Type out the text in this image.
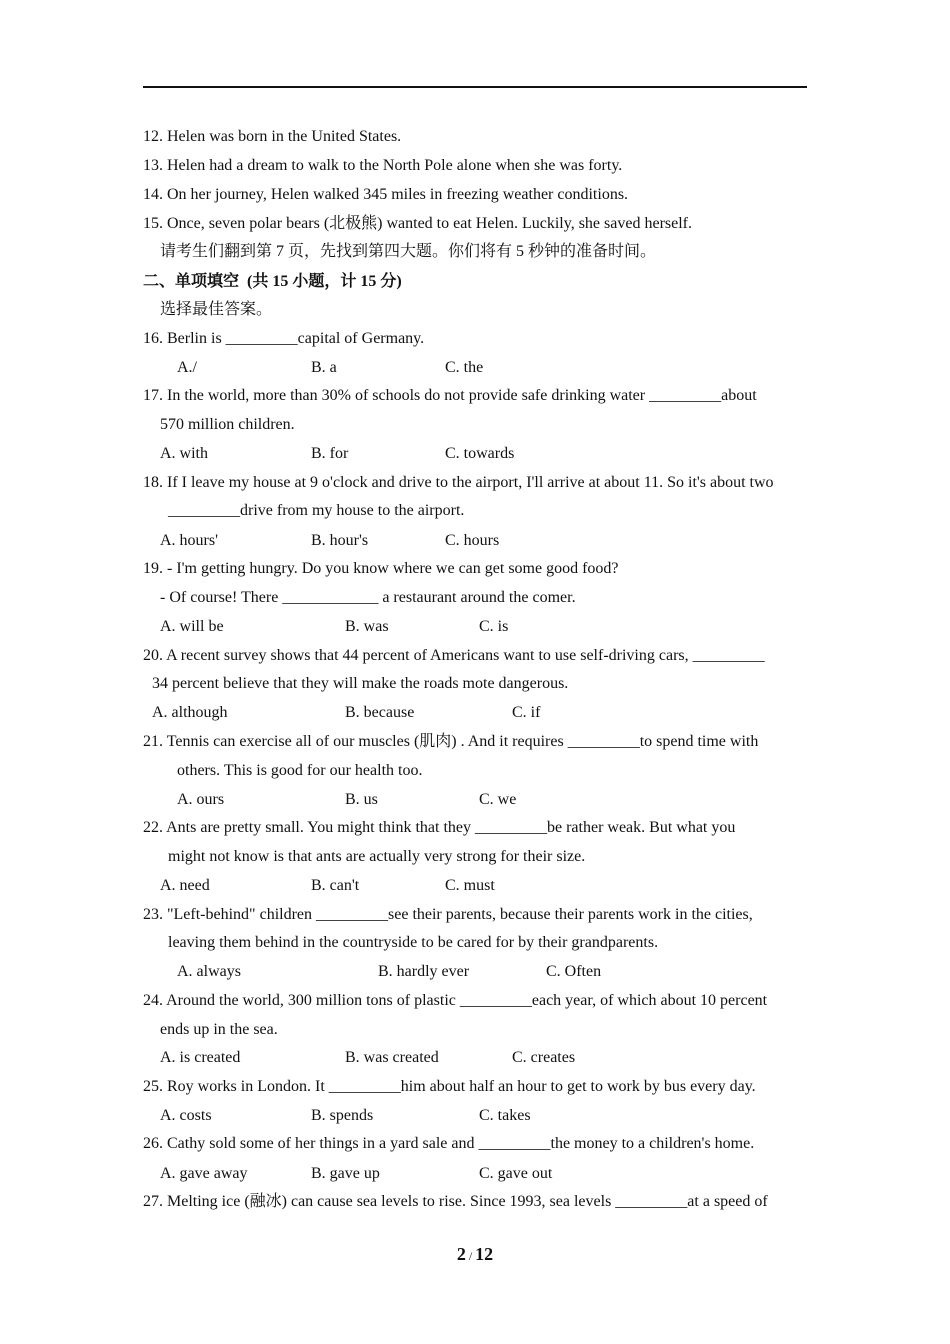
12. Helen was born in the United States.
13. Helen had a dream to walk to the North Pole alone when she was forty.
14. On her journey, Helen walked 345 miles in freezing weather conditions.
15. Once, seven polar bears (北极熊) wanted to eat Helen. Luckily, she saved herself.
请考生们翻到第 7 页，先找到第四大题。你们将有 5 秒钟的准备时间。
二、单项填空  (共 15 小题，计 15 分)
选择最佳答案。
16. Berlin is _________capital of Germany.
A./	B. a	C. the
17. In the world, more than 30% of schools do not provide safe drinking water _________about
570 million children.
A. with	B. for	C. towards
18. If I leave my house at 9 o'clock and drive to the airport, I'll arrive at about 11. So it's about two
_________drive from my house to the airport.
A. hours'	B. hour's	C. hours
19. - I'm getting hungry. Do you know where we can get some good food?
- Of course! There ____________ a restaurant around the comer.
A. will be	B. was	C. is
20. A recent survey shows that 44 percent of Americans want to use self-driving cars, _________
34 percent believe that they will make the roads mote dangerous.
A. although	B. because	C. if
21. Tennis can exercise all of our muscles (肌肉) . And it requires _________to spend time with
others. This is good for our health too.
A. ours	B. us	C. we
22. Ants are pretty small. You might think that they _________be rather weak. But what you
might not know is that ants are actually very strong for their size.
A. need	B. can't	C. must
23. "Left-behind" children _________see their parents, because their parents work in the cities,
leaving them behind in the countryside to be cared for by their grandparents.
A. always	B. hardly ever	C. Often
24. Around the world, 300 million tons of plastic _________each year, of which about 10 percent
ends up in the sea.
A. is created	B. was created	C. creates
25. Roy works in London. It _________him about half an hour to get to work by bus every day.
A. costs	B. spends	C. takes
26. Cathy sold some of her things in a yard sale and _________the money to a children's home.
A. gave away	B. gave up	C. gave out
27. Melting ice (融冰) can cause sea levels to rise. Since 1993, sea levels _________at a speed of
2 / 12
